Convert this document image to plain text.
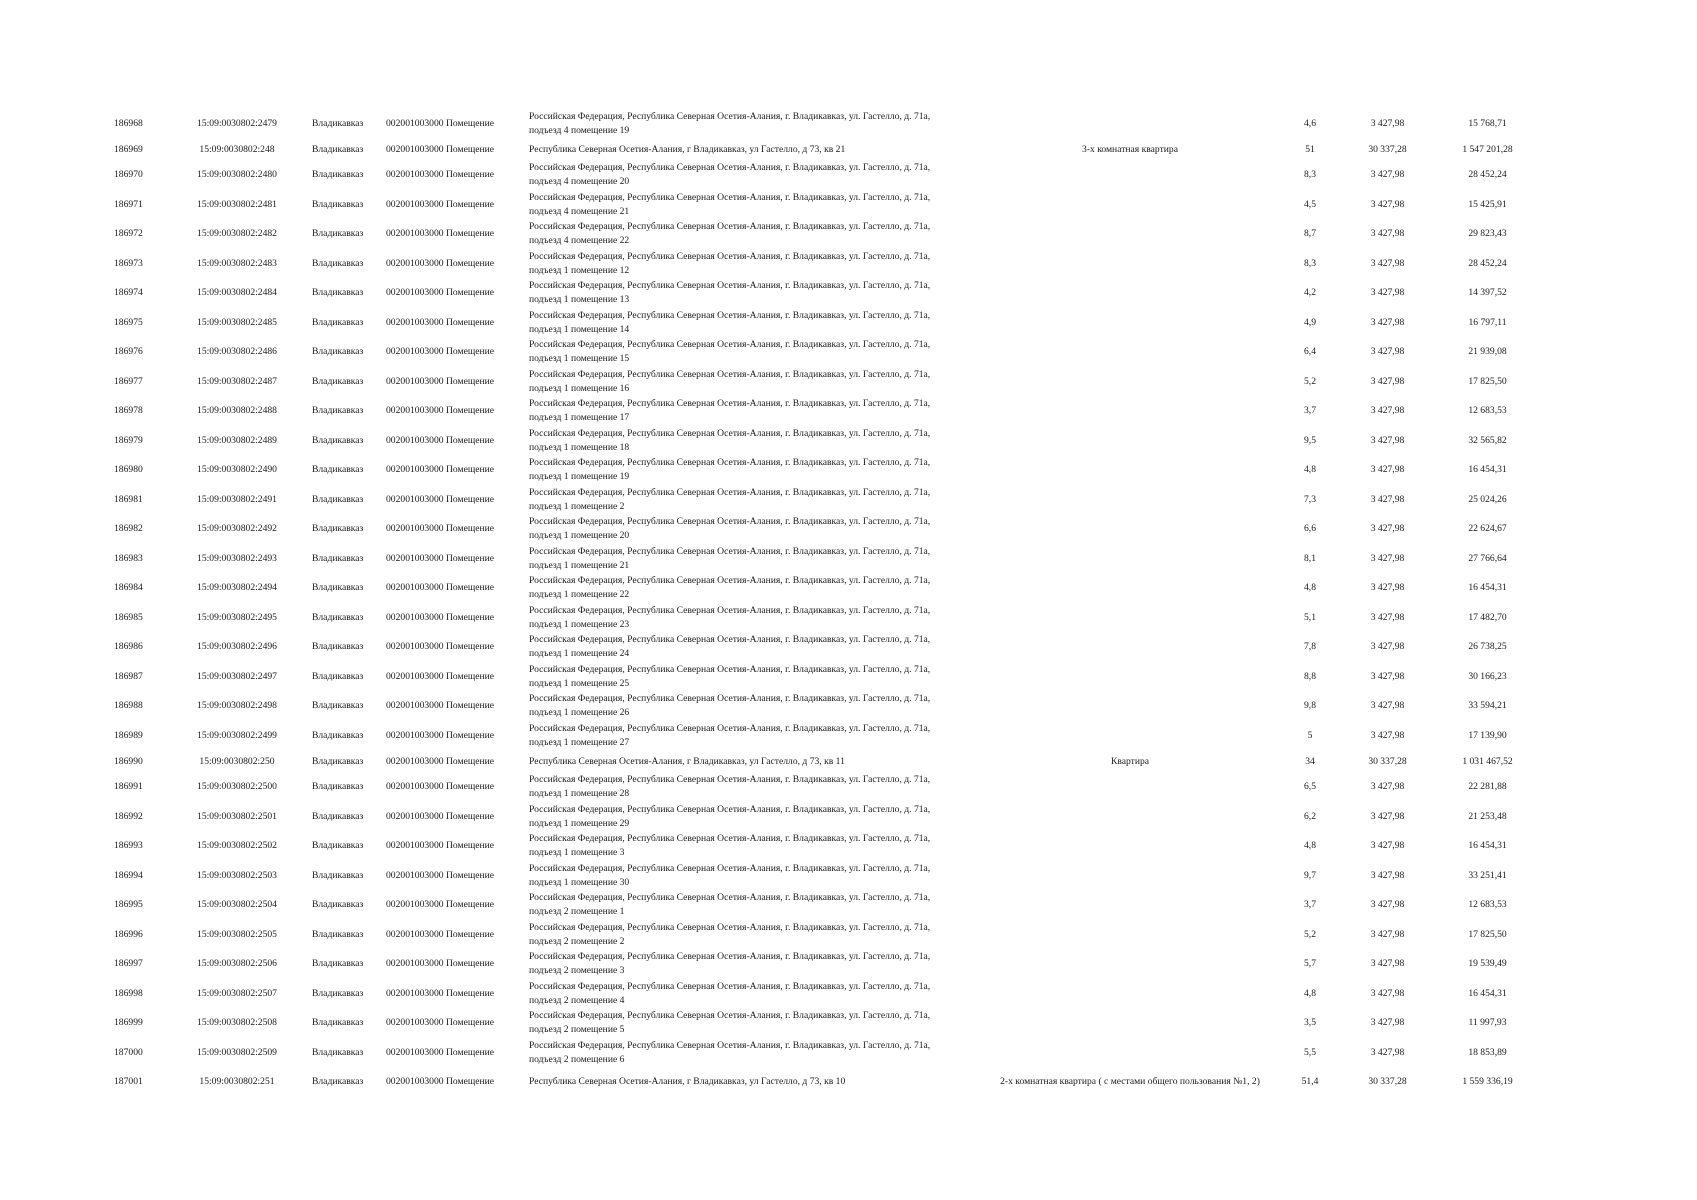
186968	15:09:0030802:2479	Владикавказ	002001003000 Помещение
Российская Федерация, Республика Северная Осетия-Алания, г. Владикавказ, ул. Гастелло, д. 71а,
подъезд 4 помещение 19
4,6	3 427,98	15 768,71
186969	15:09:0030802:248	Владикавказ	002001003000 Помещение	Республика Северная Осетия-Алания, г Владикавказ, ул Гастелло, д 73, кв 21	3-х комнатная квартира	51	30 337,28	1 547 201,28
186970	15:09:0030802:2480	Владикавказ	002001003000 Помещение
Российская Федерация, Республика Северная Осетия-Алания, г. Владикавказ, ул. Гастелло, д. 71а,
подъезд 4 помещение 20
8,3	3 427,98	28 452,24
186971	15:09:0030802:2481	Владикавказ	002001003000 Помещение
Российская Федерация, Республика Северная Осетия-Алания, г. Владикавказ, ул. Гастелло, д. 71а,
подъезд 4 помещение 21
4,5	3 427,98	15 425,91
186972	15:09:0030802:2482	Владикавказ	002001003000 Помещение
Российская Федерация, Республика Северная Осетия-Алания, г. Владикавказ, ул. Гастелло, д. 71а,
подъезд 4 помещение 22
8,7	3 427,98	29 823,43
186973	15:09:0030802:2483	Владикавказ	002001003000 Помещение
Российская Федерация, Республика Северная Осетия-Алания, г. Владикавказ, ул. Гастелло, д. 71а,
подъезд 1 помещение 12
8,3	3 427,98	28 452,24
186974	15:09:0030802:2484	Владикавказ	002001003000 Помещение
Российская Федерация, Республика Северная Осетия-Алания, г. Владикавказ, ул. Гастелло, д. 71а,
подъезд 1 помещение 13
4,2	3 427,98	14 397,52
186975	15:09:0030802:2485	Владикавказ	002001003000 Помещение
Российская Федерация, Республика Северная Осетия-Алания, г. Владикавказ, ул. Гастелло, д. 71а,
подъезд 1 помещение 14
4,9	3 427,98	16 797,11
186976	15:09:0030802:2486	Владикавказ	002001003000 Помещение
Российская Федерация, Республика Северная Осетия-Алания, г. Владикавказ, ул. Гастелло, д. 71а,
подъезд 1 помещение 15
6,4	3 427,98	21 939,08
186977	15:09:0030802:2487	Владикавказ	002001003000 Помещение
Российская Федерация, Республика Северная Осетия-Алания, г. Владикавказ, ул. Гастелло, д. 71а,
подъезд 1 помещение 16
5,2	3 427,98	17 825,50
186978	15:09:0030802:2488	Владикавказ	002001003000 Помещение
Российская Федерация, Республика Северная Осетия-Алания, г. Владикавказ, ул. Гастелло, д. 71а,
подъезд 1 помещение 17
3,7	3 427,98	12 683,53
186979	15:09:0030802:2489	Владикавказ	002001003000 Помещение
Российская Федерация, Республика Северная Осетия-Алания, г. Владикавказ, ул. Гастелло, д. 71а,
подъезд 1 помещение 18
9,5	3 427,98	32 565,82
186980	15:09:0030802:2490	Владикавказ	002001003000 Помещение
Российская Федерация, Республика Северная Осетия-Алания, г. Владикавказ, ул. Гастелло, д. 71а,
подъезд 1 помещение 19
4,8	3 427,98	16 454,31
186981	15:09:0030802:2491	Владикавказ	002001003000 Помещение
Российская Федерация, Республика Северная Осетия-Алания, г. Владикавказ, ул. Гастелло, д. 71а,
подъезд 1 помещение 2
7,3	3 427,98	25 024,26
186982	15:09:0030802:2492	Владикавказ	002001003000 Помещение
Российская Федерация, Республика Северная Осетия-Алания, г. Владикавказ, ул. Гастелло, д. 71а,
подъезд 1 помещение 20
6,6	3 427,98	22 624,67
186983	15:09:0030802:2493	Владикавказ	002001003000 Помещение
Российская Федерация, Республика Северная Осетия-Алания, г. Владикавказ, ул. Гастелло, д. 71а,
подъезд 1 помещение 21
8,1	3 427,98	27 766,64
186984	15:09:0030802:2494	Владикавказ	002001003000 Помещение
Российская Федерация, Республика Северная Осетия-Алания, г. Владикавказ, ул. Гастелло, д. 71а,
подъезд 1 помещение 22
4,8	3 427,98	16 454,31
186985	15:09:0030802:2495	Владикавказ	002001003000 Помещение
Российская Федерация, Республика Северная Осетия-Алания, г. Владикавказ, ул. Гастелло, д. 71а,
подъезд 1 помещение 23
5,1	3 427,98	17 482,70
186986	15:09:0030802:2496	Владикавказ	002001003000 Помещение
Российская Федерация, Республика Северная Осетия-Алания, г. Владикавказ, ул. Гастелло, д. 71а,
подъезд 1 помещение 24
7,8	3 427,98	26 738,25
186987	15:09:0030802:2497	Владикавказ	002001003000 Помещение
Российская Федерация, Республика Северная Осетия-Алания, г. Владикавказ, ул. Гастелло, д. 71а,
подъезд 1 помещение 25
8,8	3 427,98	30 166,23
186988	15:09:0030802:2498	Владикавказ	002001003000 Помещение
Российская Федерация, Республика Северная Осетия-Алания, г. Владикавказ, ул. Гастелло, д. 71а,
подъезд 1 помещение 26
9,8	3 427,98	33 594,21
186989	15:09:0030802:2499	Владикавказ	002001003000 Помещение
Российская Федерация, Республика Северная Осетия-Алания, г. Владикавказ, ул. Гастелло, д. 71а,
подъезд 1 помещение 27
5	3 427,98	17 139,90
186990	15:09:0030802:250	Владикавказ	002001003000 Помещение	Республика Северная Осетия-Алания, г Владикавказ, ул Гастелло, д 73, кв 11	Квартира	34	30 337,28	1 031 467,52
186991	15:09:0030802:2500	Владикавказ	002001003000 Помещение
Российская Федерация, Республика Северная Осетия-Алания, г. Владикавказ, ул. Гастелло, д. 71а,
подъезд 1 помещение 28
6,5	3 427,98	22 281,88
186992	15:09:0030802:2501	Владикавказ	002001003000 Помещение
Российская Федерация, Республика Северная Осетия-Алания, г. Владикавказ, ул. Гастелло, д. 71а,
подъезд 1 помещение 29
6,2	3 427,98	21 253,48
186993	15:09:0030802:2502	Владикавказ	002001003000 Помещение
Российская Федерация, Республика Северная Осетия-Алания, г. Владикавказ, ул. Гастелло, д. 71а,
подъезд 1 помещение 3
4,8	3 427,98	16 454,31
186994	15:09:0030802:2503	Владикавказ	002001003000 Помещение
Российская Федерация, Республика Северная Осетия-Алания, г. Владикавказ, ул. Гастелло, д. 71а,
подъезд 1 помещение 30
9,7	3 427,98	33 251,41
186995	15:09:0030802:2504	Владикавказ	002001003000 Помещение
Российская Федерация, Республика Северная Осетия-Алания, г. Владикавказ, ул. Гастелло, д. 71а,
подъезд 2 помещение 1
3,7	3 427,98	12 683,53
186996	15:09:0030802:2505	Владикавказ	002001003000 Помещение
Российская Федерация, Республика Северная Осетия-Алания, г. Владикавказ, ул. Гастелло, д. 71а,
подъезд 2 помещение 2
5,2	3 427,98	17 825,50
186997	15:09:0030802:2506	Владикавказ	002001003000 Помещение
Российская Федерация, Республика Северная Осетия-Алания, г. Владикавказ, ул. Гастелло, д. 71а,
подъезд 2 помещение 3
5,7	3 427,98	19 539,49
186998	15:09:0030802:2507	Владикавказ	002001003000 Помещение
Российская Федерация, Республика Северная Осетия-Алания, г. Владикавказ, ул. Гастелло, д. 71а,
подъезд 2 помещение 4
4,8	3 427,98	16 454,31
186999	15:09:0030802:2508	Владикавказ	002001003000 Помещение
Российская Федерация, Республика Северная Осетия-Алания, г. Владикавказ, ул. Гастелло, д. 71а,
подъезд 2 помещение 5
3,5	3 427,98	11 997,93
187000	15:09:0030802:2509	Владикавказ	002001003000 Помещение
Российская Федерация, Республика Северная Осетия-Алания, г. Владикавказ, ул. Гастелло, д. 71а,
подъезд 2 помещение 6
5,5	3 427,98	18 853,89
187001	15:09:0030802:251	Владикавказ	002001003000 Помещение	Республика Северная Осетия-Алания, г Владикавказ, ул Гастелло, д 73, кв 10	2-х комнатная квартира ( с местами общего пользования №1, 2)	51,4	30 337,28	1 559 336,19
